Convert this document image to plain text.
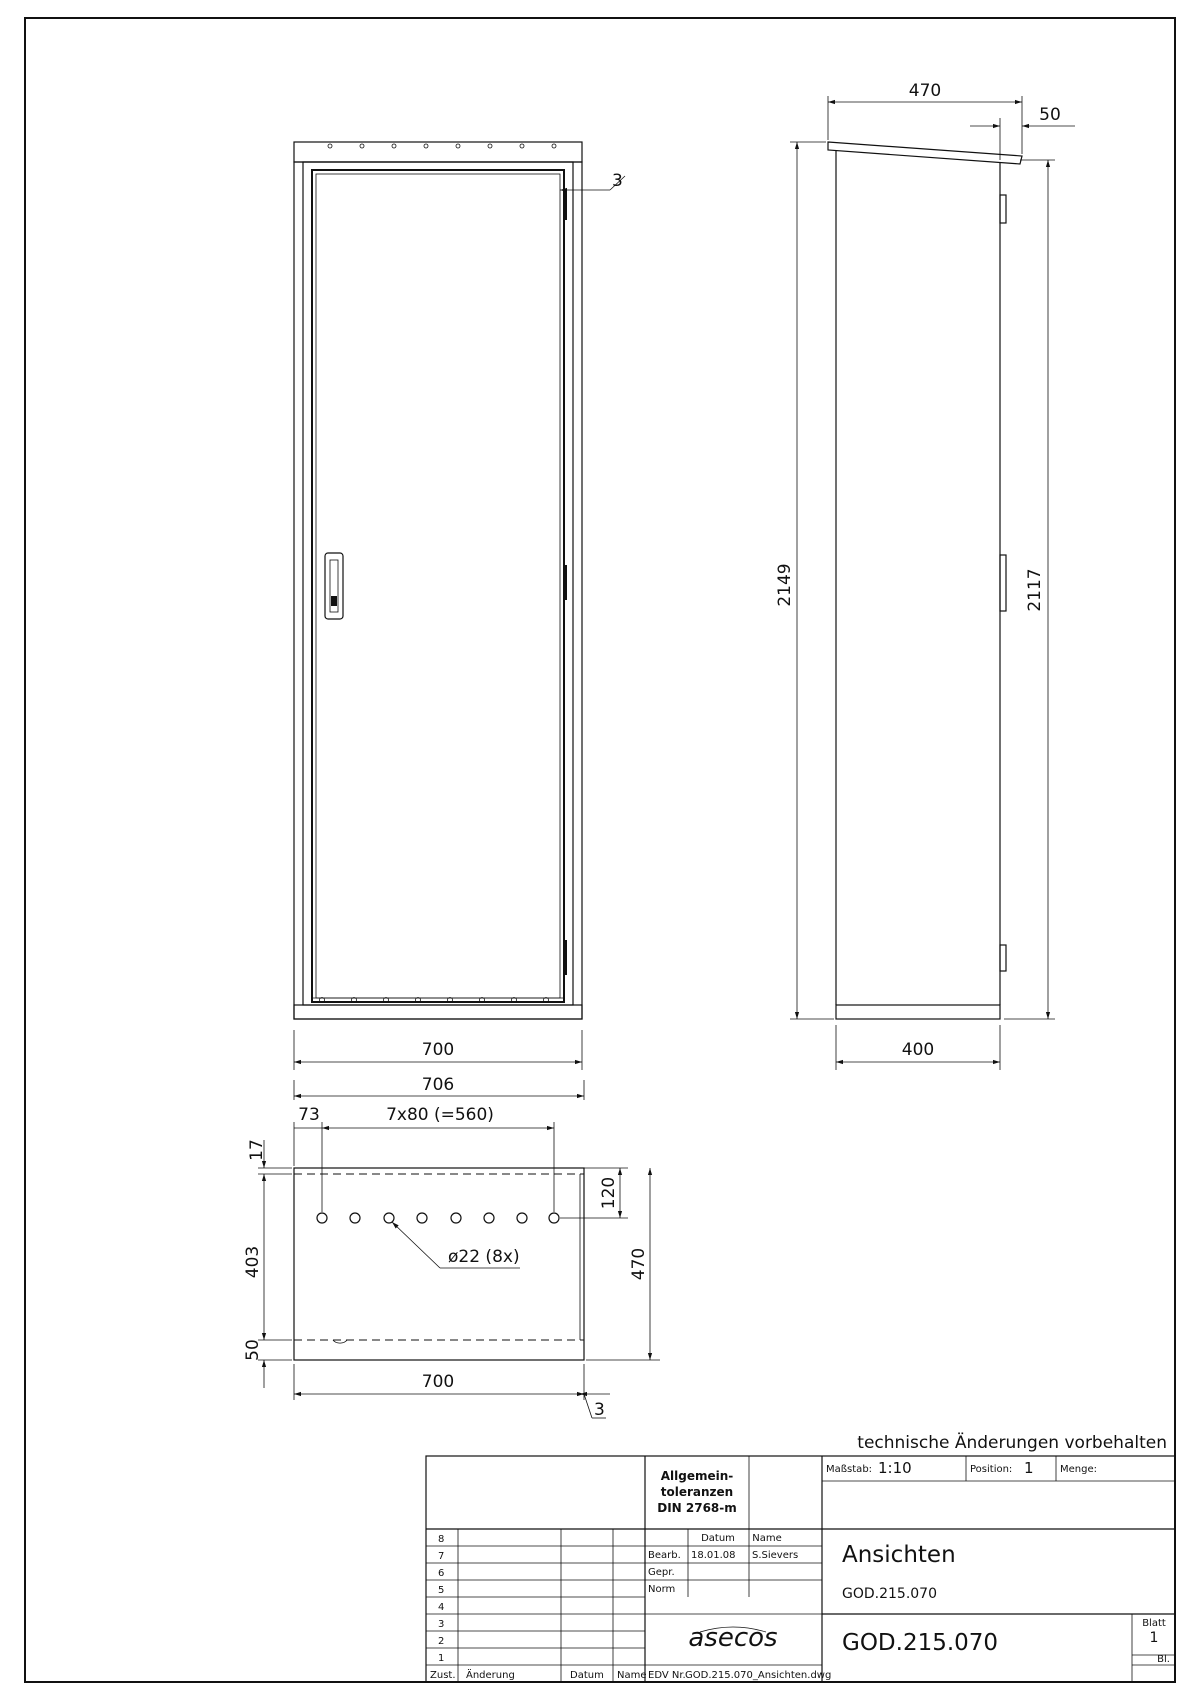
3
700
706
470
50
2149	2117
400
ø22 (8x)
73	7x80 (=560)
17
403
50
120
470
700
3
technische Änderungen vorbehalten
Allgemein-
toleranzen
DIN 2768-m
Maßstab: 1:10	Position: 1	Menge:
Datum Name
Bearb. 18.01.08 S.Sievers
Gepr.
Norm
8
7
6
5
4
3
2
1
Zust. Änderung	Datum Name EDV Nr. GOD.215.070_Ansichten.dwg
asecos
Ansichten
GOD.215.070
GOD.215.070
Blatt
1
Bl.
